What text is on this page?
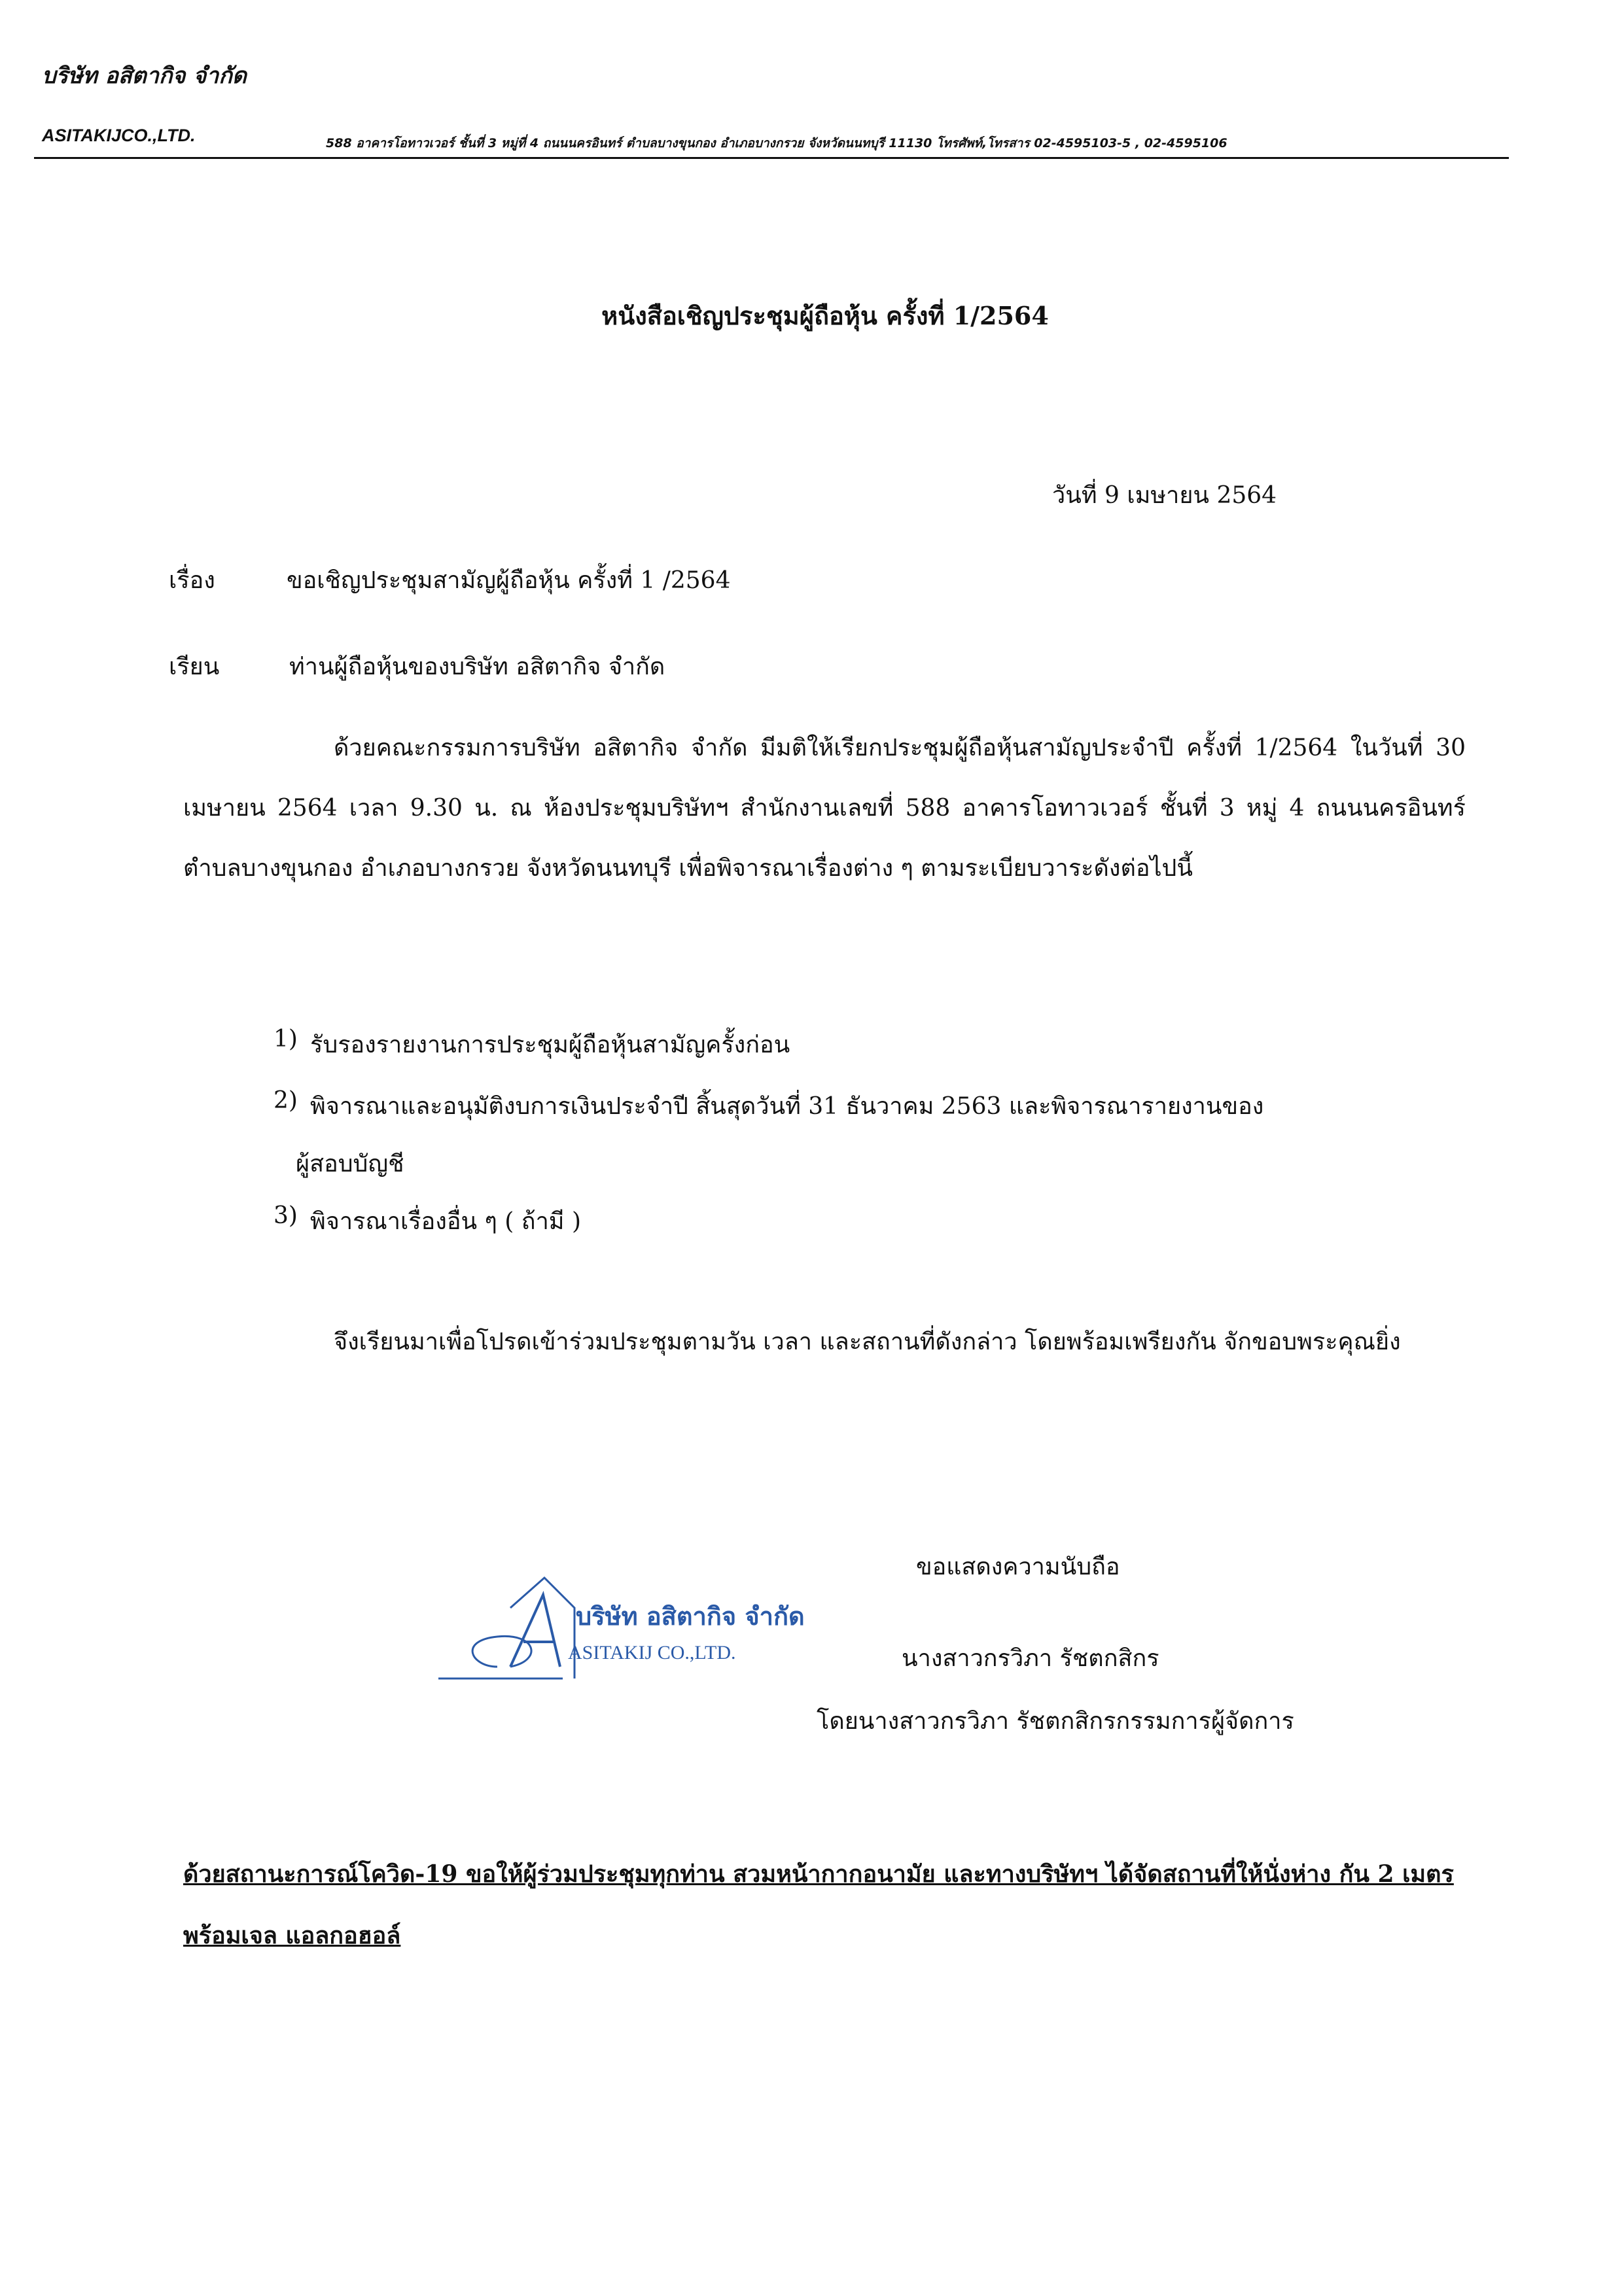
บริษัท อสิตากิจ จำกัด
ASITAKIJCO.,LTD.	588 อาคารโอทาวเวอร์ ชั้นที่ 3 หมู่ที่ 4 ถนนนครอินทร์ ตำบลบางขุนกอง อำเภอบางกรวย จังหวัดนนทบุรี 11130 โทรศัพท์,โทรสาร 02-4595103-5 , 02-4595106
หนังสือเชิญประชุมผู้ถือหุ้น ครั้งที่ 1/2564
วันที่ 9 เมษายน 2564
เรื่อง	ขอเชิญประชุมสามัญผู้ถือหุ้น ครั้งที่ 1 /2564
เรียน	ท่านผู้ถือหุ้นของบริษัท อสิตากิจ จำกัด
ด้วยคณะกรรมการบริษัท อสิตากิจ จำกัด มีมติให้เรียกประชุมผู้ถือหุ้นสามัญประจำปี ครั้งที่ 1/2564 ในวันที่ 30 เมษายน 2564 เวลา 9.30 น. ณ ห้องประชุมบริษัทฯ สำนักงานเลขที่ 588 อาคารโอทาวเวอร์ ชั้นที่ 3 หมู่ 4 ถนนนครอินทร์ ตำบลบางขุนกอง อำเภอบางกรวย จังหวัดนนทบุรี เพื่อพิจารณาเรื่องต่าง ๆ ตามระเบียบวาระดังต่อไปนี้
1) รับรองรายงานการประชุมผู้ถือหุ้นสามัญครั้งก่อน
2) พิจารณาและอนุมัติงบการเงินประจำปี สิ้นสุดวันที่ 31 ธันวาคม 2563 และพิจารณารายงานของ
ผู้สอบบัญชี
3) พิจารณาเรื่องอื่น ๆ ( ถ้ามี )
จึงเรียนมาเพื่อโปรดเข้าร่วมประชุมตามวัน เวลา และสถานที่ดังกล่าว โดยพร้อมเพรียงกัน จักขอบพระคุณยิ่ง
ขอแสดงความนับถือ
บริษัท อสิตากิจ จำกัด
ASITAKIJ CO.,LTD.	นางสาวกรวิภา รัชตกสิกร
โดยนางสาวกรวิภา รัชตกสิกรกรรมการผู้จัดการ
ด้วยสถานะการณ์โควิด-19 ขอให้ผู้ร่วมประชุมทุกท่าน สวมหน้ากากอนามัย และทางบริษัทฯ ได้จัดสถานที่ให้นั่งห่าง กัน 2 เมตร พร้อมเจล แอลกอฮอล์
